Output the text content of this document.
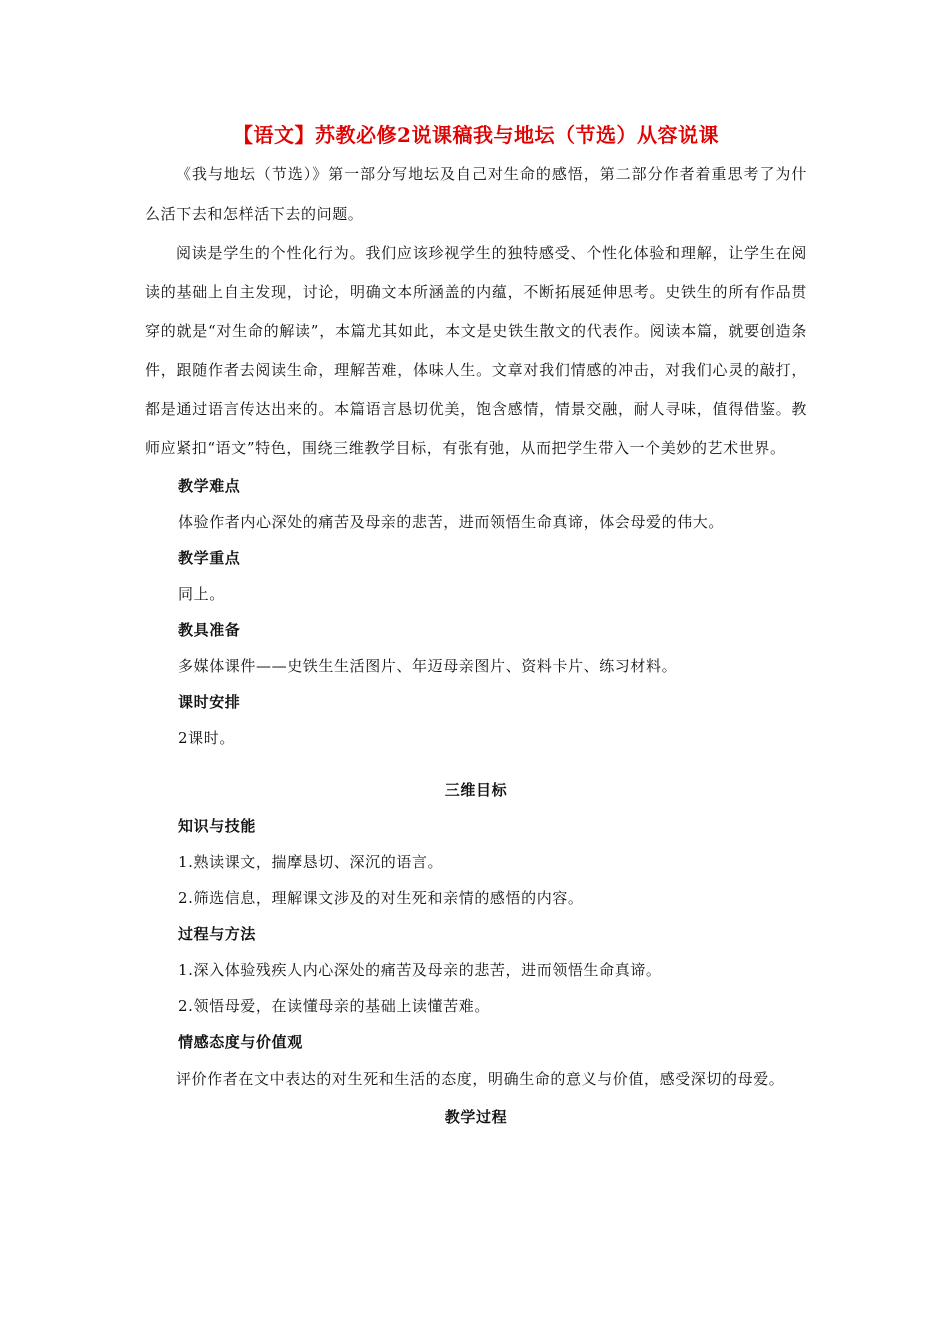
【语文】苏教必修2说课稿我与地坛（节选）从容说课

《我与地坛（节选）》第一部分写地坛及自己对生命的感悟，第二部分作者着重思考了为什么活下去和怎样活下去的问题。

阅读是学生的个性化行为。我们应该珍视学生的独特感受、个性化体验和理解，让学生在阅读的基础上自主发现，讨论，明确文本所涵盖的内蕴，不断拓展延伸思考。史铁生的所有作品贯穿的就是“对生命的解读”，本篇尤其如此，本文是史铁生散文的代表作。阅读本篇，就要创造条件，跟随作者去阅读生命，理解苦难，体味人生。文章对我们情感的冲击，对我们心灵的敲打，都是通过语言传达出来的。本篇语言恳切优美，饱含感情，情景交融，耐人寻味，值得借鉴。教师应紧扣“语文”特色，围绕三维教学目标，有张有弛，从而把学生带入一个美妙的艺术世界。

教学难点

体验作者内心深处的痛苦及母亲的悲苦，进而领悟生命真谛，体会母爱的伟大。

教学重点

同上。

教具准备

多媒体课件——史铁生生活图片、年迈母亲图片、资料卡片、练习材料。

课时安排

2课时。

三维目标

知识与技能

1.熟读课文，揣摩恳切、深沉的语言。

2.筛选信息，理解课文涉及的对生死和亲情的感悟的内容。

过程与方法

1.深入体验残疾人内心深处的痛苦及母亲的悲苦，进而领悟生命真谛。

2.领悟母爱，在读懂母亲的基础上读懂苦难。

情感态度与价值观

评价作者在文中表达的对生死和生活的态度，明确生命的意义与价值，感受深切的母爱。

教学过程
